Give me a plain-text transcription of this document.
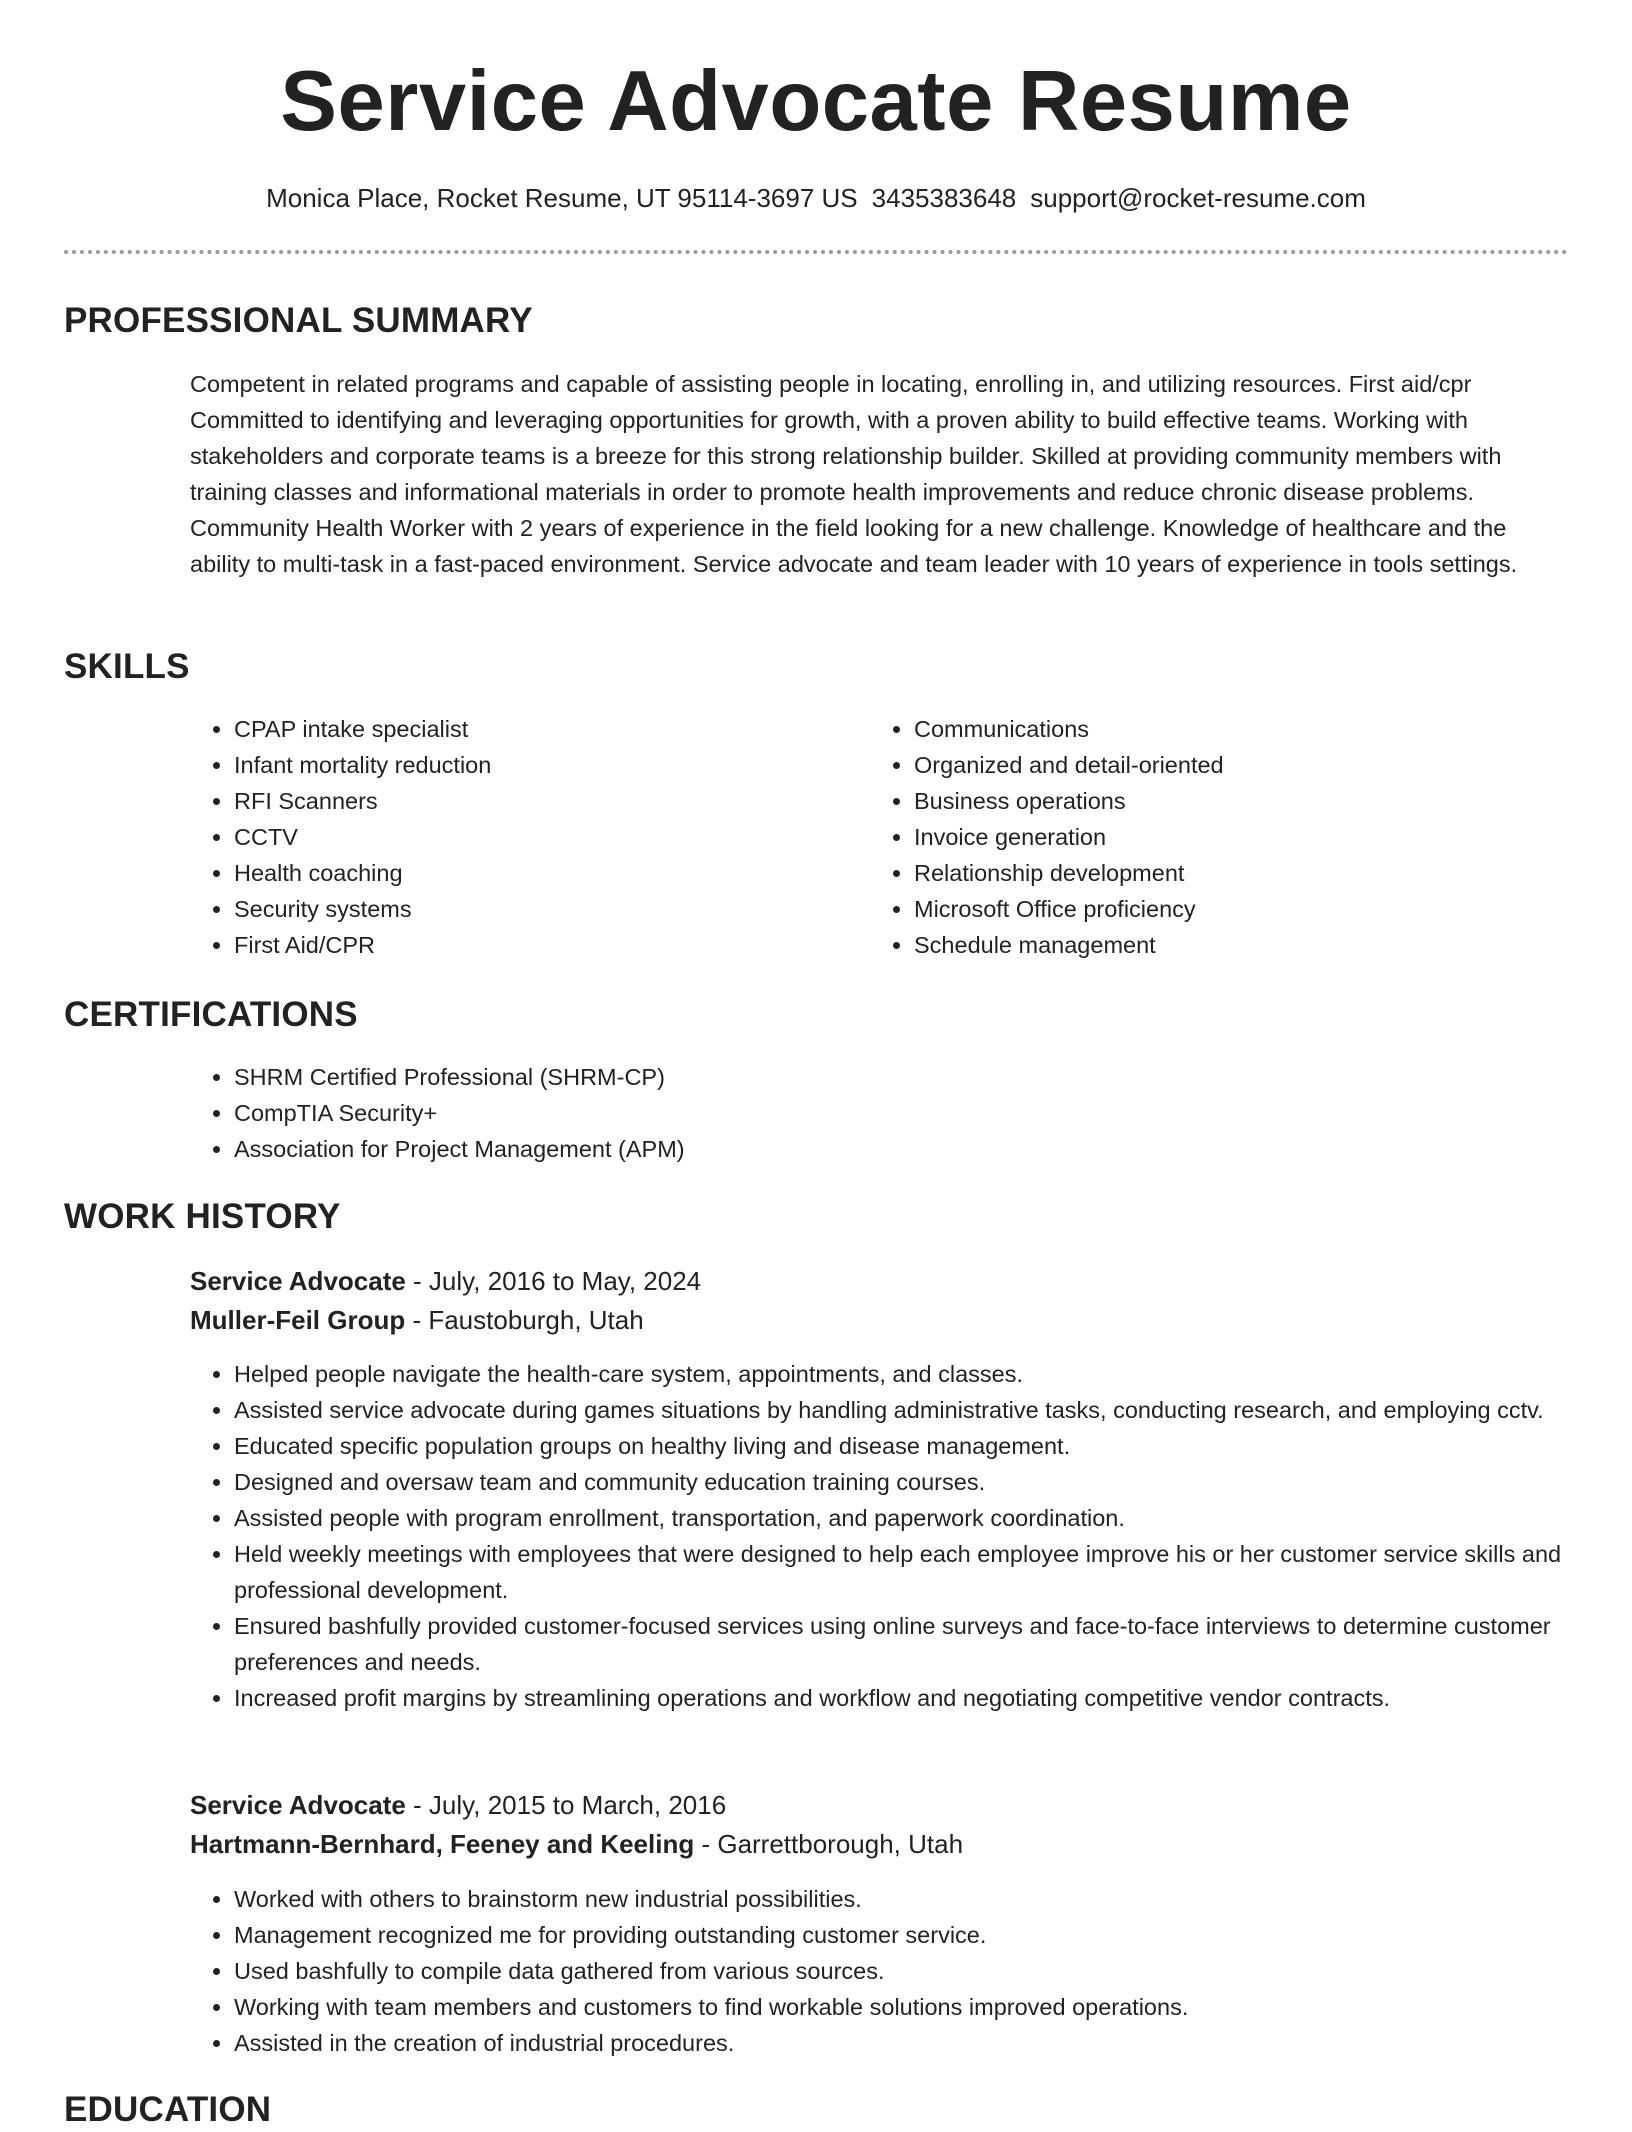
Service Advocate Resume
Monica Place, Rocket Resume, UT 95114-3697 US 3435383648 support@rocket-resume.com
PROFESSIONAL SUMMARY

Competent in related programs and capable of assisting people in locating, enrolling in, and utilizing resources. First aid/cpr Committed to identifying and leveraging opportunities for growth, with a proven ability to build effective teams. Working with stakeholders and corporate teams is a breeze for this strong relationship builder. Skilled at providing community members with training classes and informational materials in order to promote health improvements and reduce chronic disease problems. Community Health Worker with 2 years of experience in the field looking for a new challenge. Knowledge of healthcare and the ability to multi-task in a fast-paced environment. Service advocate and team leader with 10 years of experience in tools settings.

SKILLS
• CPAP intake specialist
• Infant mortality reduction
• RFI Scanners
• CCTV
• Health coaching
• Security systems
• First Aid/CPR
• Communications
• Organized and detail-oriented
• Business operations
• Invoice generation
• Relationship development
• Microsoft Office proficiency
• Schedule management
CERTIFICATIONS
• SHRM Certified Professional (SHRM-CP)
• CompTIA Security+
• Association for Project Management (APM)
WORK HISTORY
Service Advocate - July, 2016 to May, 2024
Muller-Feil Group - Faustoburgh, Utah
• Helped people navigate the health-care system, appointments, and classes.
• Assisted service advocate during games situations by handling administrative tasks, conducting research, and employing cctv.
• Educated specific population groups on healthy living and disease management.
• Designed and oversaw team and community education training courses.
• Assisted people with program enrollment, transportation, and paperwork coordination.
• Held weekly meetings with employees that were designed to help each employee improve his or her customer service skills and professional development.
• Ensured bashfully provided customer-focused services using online surveys and face-to-face interviews to determine customer preferences and needs.
• Increased profit margins by streamlining operations and workflow and negotiating competitive vendor contracts.
Service Advocate - July, 2015 to March, 2016
Hartmann-Bernhard, Feeney and Keeling - Garrettborough, Utah
• Worked with others to brainstorm new industrial possibilities.
• Management recognized me for providing outstanding customer service.
• Used bashfully to compile data gathered from various sources.
• Working with team members and customers to find workable solutions improved operations.
• Assisted in the creation of industrial procedures.
EDUCATION
